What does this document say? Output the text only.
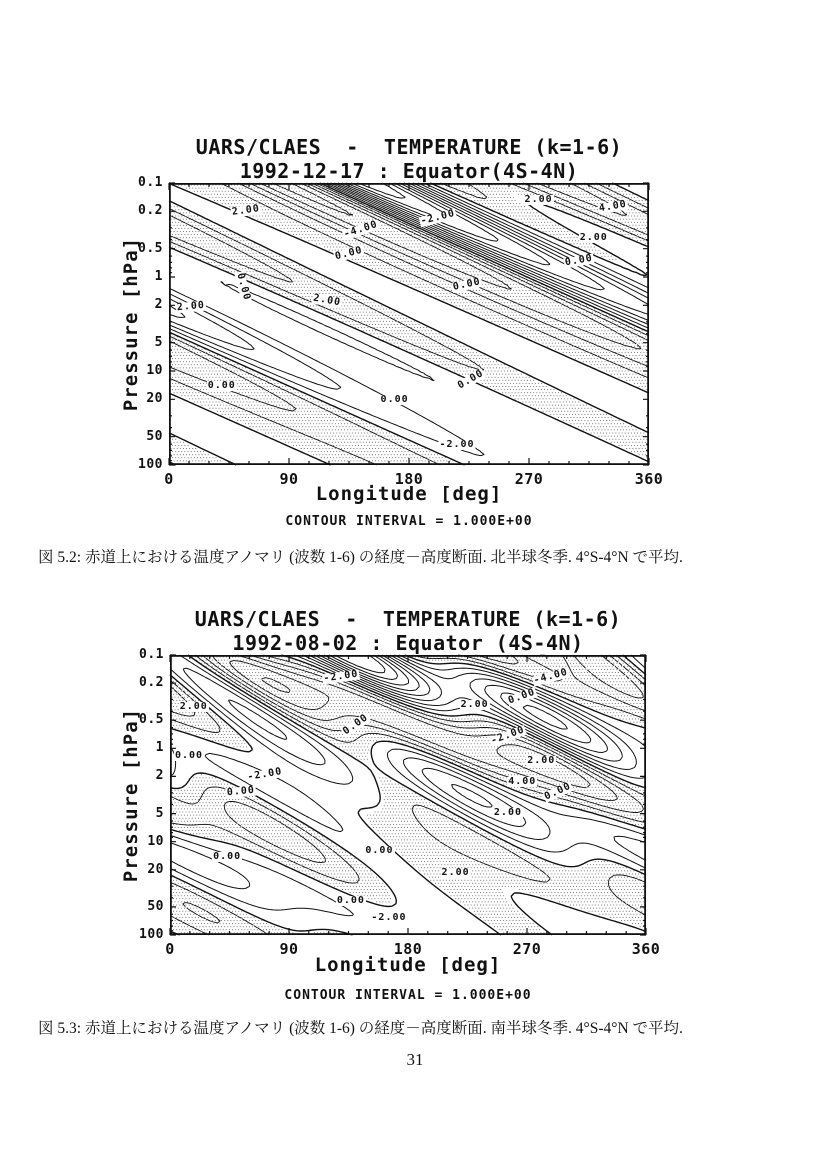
UARS/CLAES  -  TEMPERATURE (k=1-6)
1992-12-17 : Equator(4S-4N)
Pressure [hPa]
Longitude [deg]
CONTOUR INTERVAL = 1.000E+00
図 5.2: 赤道上における温度アノマリ (波数 1-6) の経度－高度断面. 北半球冬季. 4°S-4°N で平均.
UARS/CLAES  -  TEMPERATURE (k=1-6)
1992-08-02 : Equator (4S-4N)
Pressure [hPa]
Longitude [deg]
CONTOUR INTERVAL = 1.000E+00
図 5.3: 赤道上における温度アノマリ (波数 1-6) の経度－高度断面. 南半球冬季. 4°S-4°N で平均.
31
0.1
0.2
0.5
1
2
5
10
20
50
100
0	90	180	270	360
2.00
-4.00
0.00
-2.00
2.00	4.00
2.00
0.00
2.00	2.00
0.00	0.00
0.00	0.00
0.00
-2.00
0.1
0.2
0.5
1
2
5
10
20
50
100
0	90	180	270	360
-2.00
2.00
0.00
0.00
-2.00
0.00
-4.00
0.00
2.00
-2.00
2.00
4.00 0.00
2.00
0.00
0.00
2.00
0.00
-2.00
